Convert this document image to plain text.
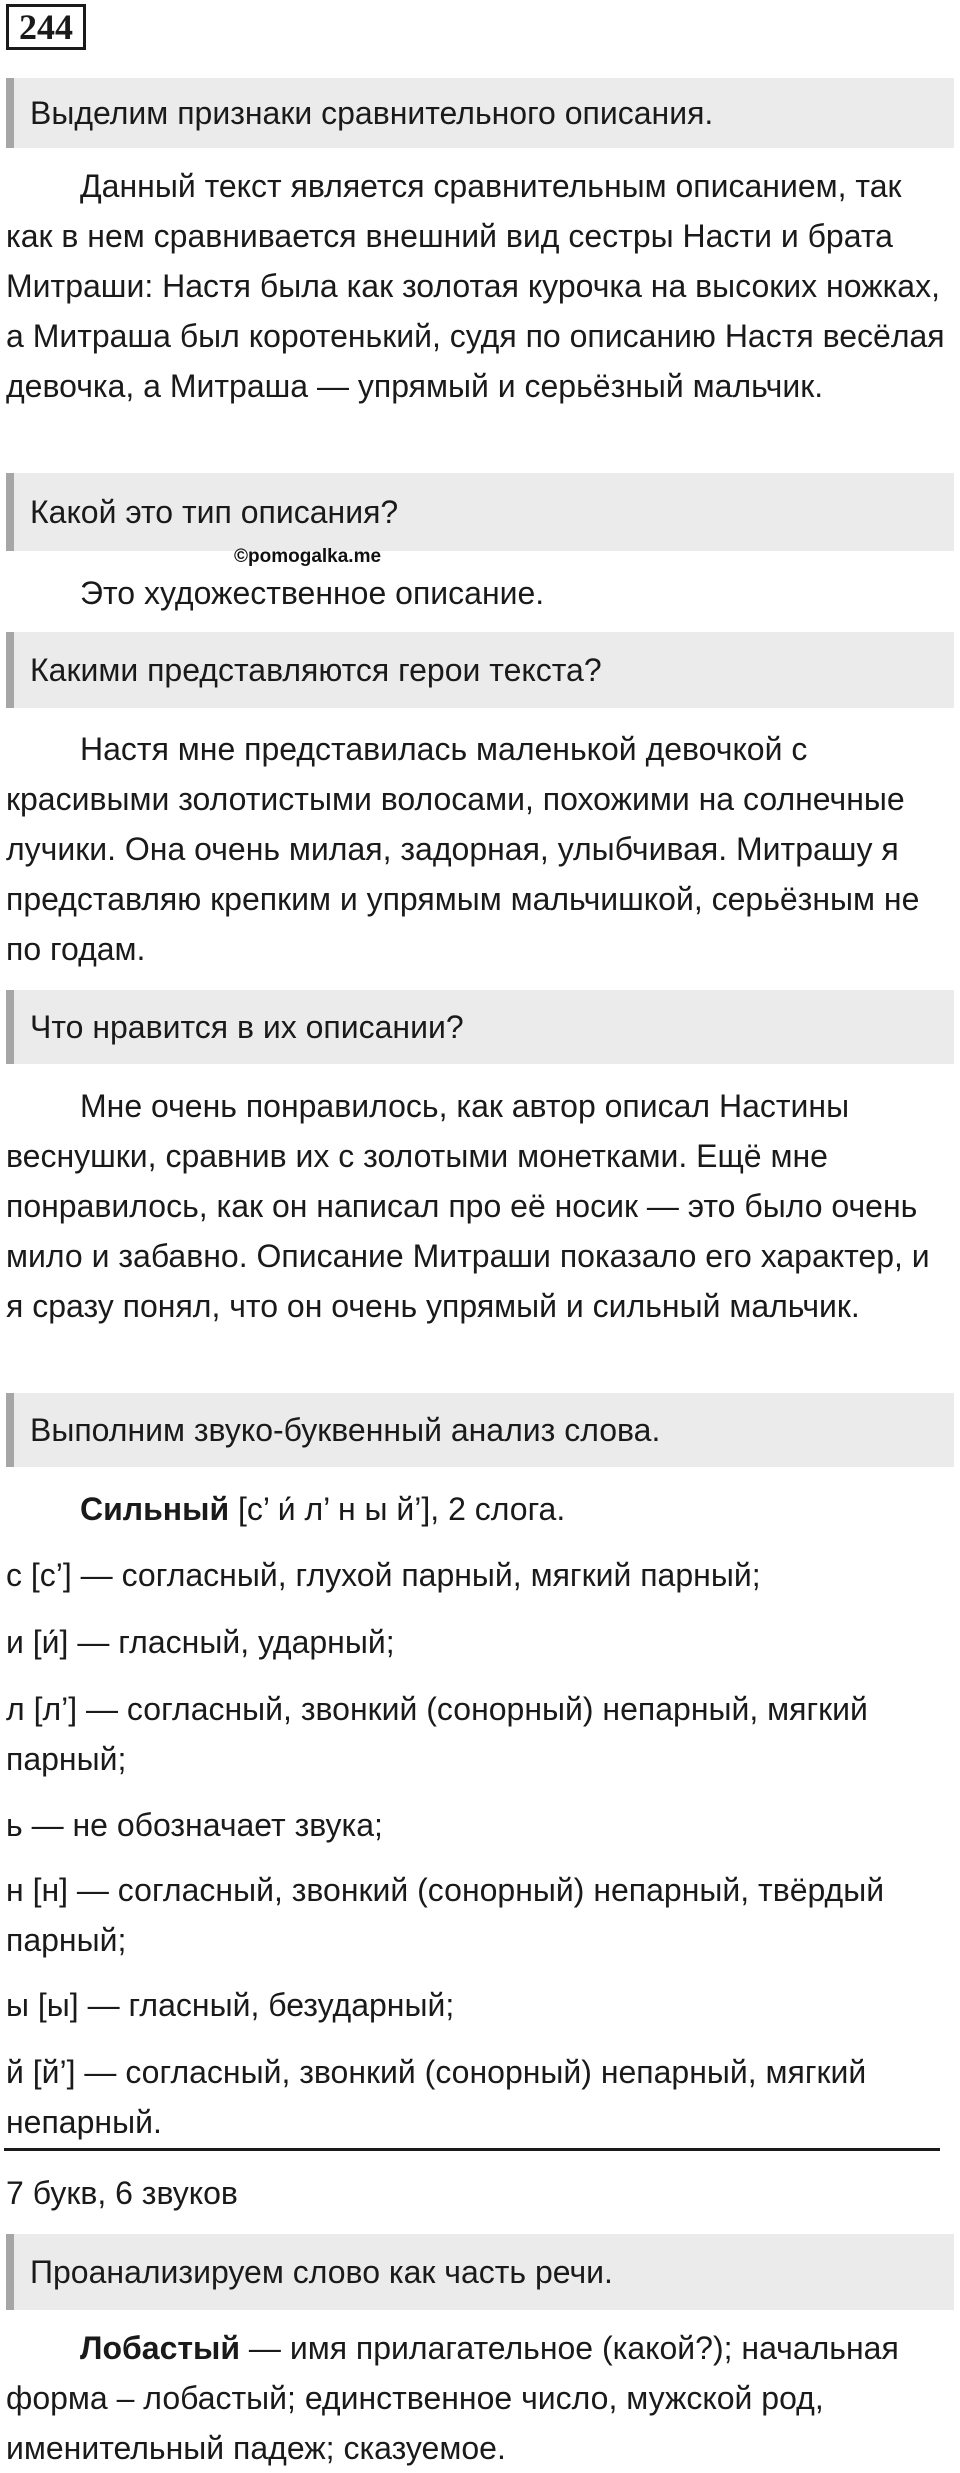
244
Выделим признаки сравнительного описания.

Данный текст является сравнительным описанием, так как в нем сравнивается внешний вид сестры Насти и брата Митраши: Настя была как золотая курочка на высоких ножках, а Митраша был коротенький, судя по описанию Настя весёлая девочка, а Митраша — упрямый и серьёзный мальчик.

Какой это тип описания?
©pomogalka.me

Это художественное описание.

Какими представляются герои текста?

Настя мне представилась маленькой девочкой с красивыми золотистыми волосами, похожими на солнечные лучики. Она очень милая, задорная, улыбчивая. Митрашу я представляю крепким и упрямым мальчишкой, серьёзным не по годам.

Что нравится в их описании?

Мне очень понравилось, как автор описал Настины веснушки, сравнив их с золотыми монетками. Ещё мне понравилось, как он написал про её носик — это было очень мило и забавно. Описание Митраши показало его характер, и я сразу понял, что он очень упрямый и сильный мальчик.

Выполним звуко-буквенный анализ слова.
Сильный [с’ и́ л’ н ы й’], 2 слога.
с [с’] — согласный, глухой парный, мягкий парный;
и [и́] — гласный, ударный;
л [л’] — согласный, звонкий (сонорный) непарный, мягкий парный;
ь — не обозначает звука;
н [н] — согласный, звонкий (сонорный) непарный, твёрдый парный;
ы [ы] — гласный, безударный;
й [й’] — согласный, звонкий (сонорный) непарный, мягкий непарный.
7 букв, 6 звуков
Проанализируем слово как часть речи.

Лобастый — имя прилагательное (какой?); начальная форма – лобастый; единственное число, мужской род, именительный падеж; сказуемое.
